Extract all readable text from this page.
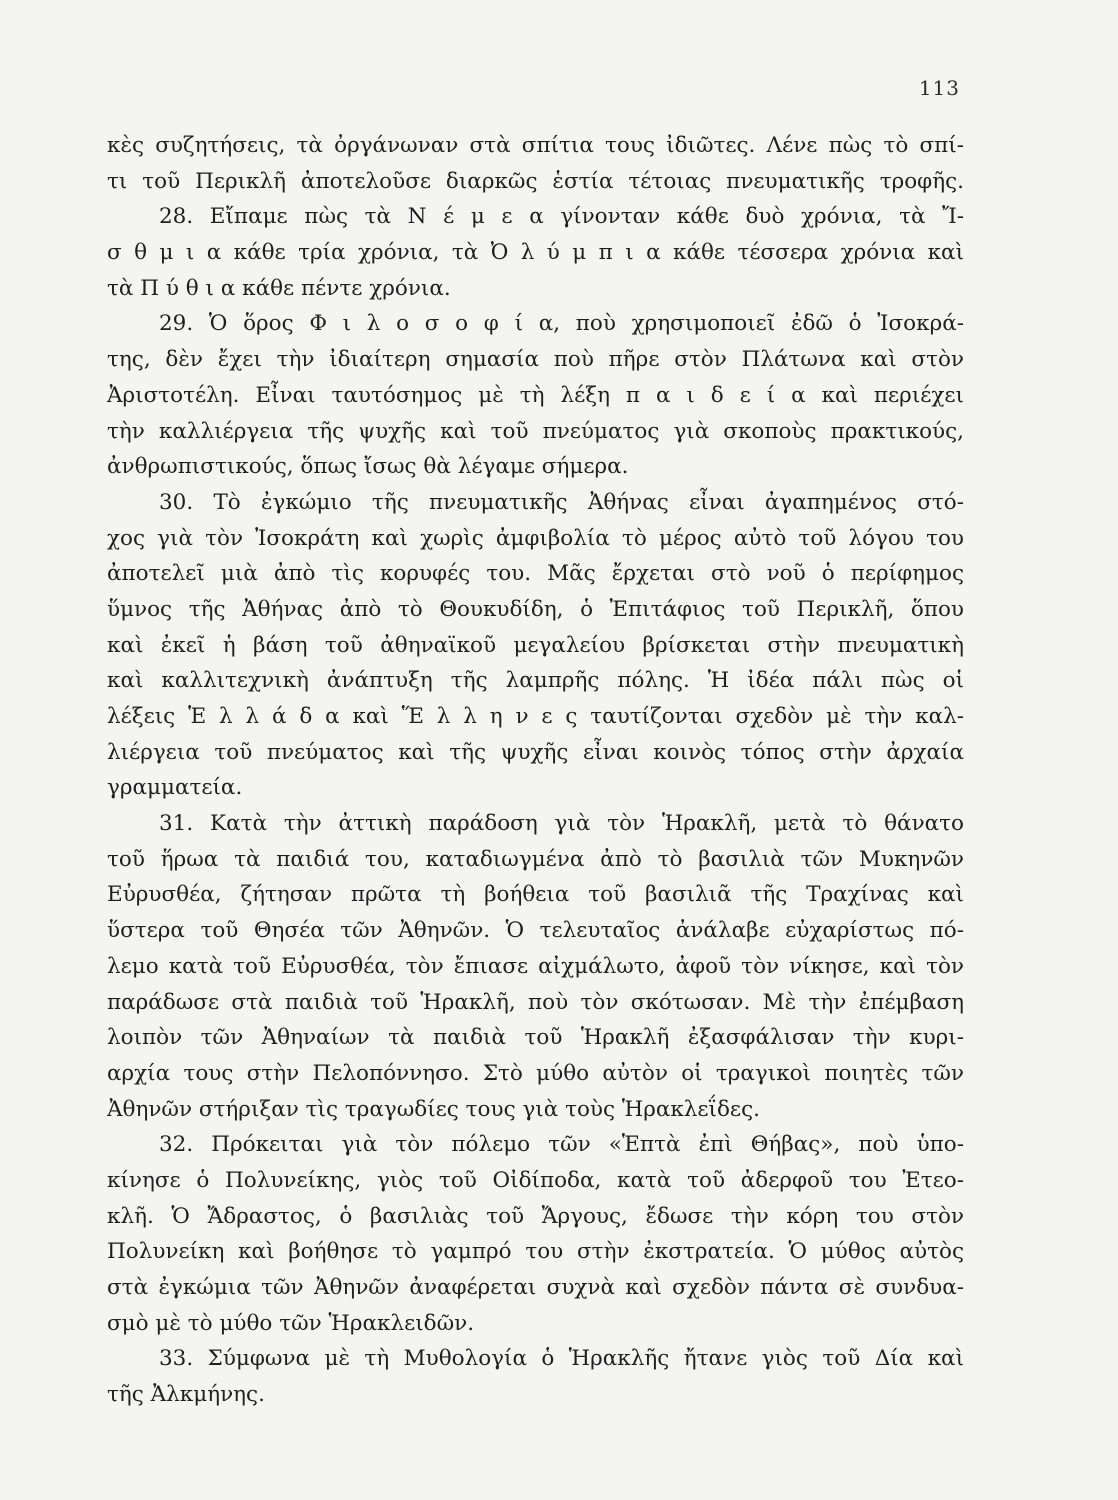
113
κὲς συζητήσεις, τὰ ὀργάνωναν στὰ σπίτια τους ἰδιῶτες. Λένε πὼς τὸ σπί-
τι τοῦ Περικλῆ ἀποτελοῦσε διαρκῶς ἑστία τέτοιας πνευματικῆς τροφῆς.
28. Εἴπαμε πὼς τὰ Ν έ μ ε α γίνονταν κάθε δυὸ χρόνια, τὰ Ἴ-
σ θ μ ι α κάθε τρία χρόνια, τὰ Ὀ λ ύ μ π ι α κάθε τέσσερα χρόνια καὶ
τὰ Π ύ θ ι α κάθε πέντε χρόνια.
29. Ὁ ὅρος Φ ι λ ο σ ο φ ί α, ποὺ χρησιμοποιεῖ ἐδῶ ὁ Ἰσοκρά-
της, δὲν ἔχει τὴν ἰδιαίτερη σημασία ποὺ πῆρε στὸν Πλάτωνα καὶ στὸν
Ἀριστοτέλη. Εἶναι ταυτόσημος μὲ τὴ λέξη π α ι δ ε ί α καὶ περιέχει
τὴν καλλιέργεια τῆς ψυχῆς καὶ τοῦ πνεύματος γιὰ σκοποὺς πρακτικούς,
ἀνθρωπιστικούς, ὅπως ἴσως θὰ λέγαμε σήμερα.
30. Τὸ ἐγκώμιο τῆς πνευματικῆς Ἀθήνας εἶναι ἀγαπημένος στό-
χος γιὰ τὸν Ἰσοκράτη καὶ χωρὶς ἀμφιβολία τὸ μέρος αὐτὸ τοῦ λόγου του
ἀποτελεῖ μιὰ ἀπὸ τὶς κορυφές του. Μᾶς ἔρχεται στὸ νοῦ ὁ περίφημος
ὕμνος τῆς Ἀθήνας ἀπὸ τὸ Θουκυδίδη, ὁ Ἐπιτάφιος τοῦ Περικλῆ, ὅπου
καὶ ἐκεῖ ἡ βάση τοῦ ἀθηναϊκοῦ μεγαλείου βρίσκεται στὴν πνευματικὴ
καὶ καλλιτεχνικὴ ἀνάπτυξη τῆς λαμπρῆς πόλης. Ἡ ἰδέα πάλι πὼς οἱ
λέξεις Ἑ λ λ ά δ α καὶ Ἕ λ λ η ν ε ς ταυτίζονται σχεδὸν μὲ τὴν καλ-
λιέργεια τοῦ πνεύματος καὶ τῆς ψυχῆς εἶναι κοινὸς τόπος στὴν ἀρχαία
γραμματεία.
31. Κατὰ τὴν ἀττικὴ παράδοση γιὰ τὸν Ἡρακλῆ, μετὰ τὸ θάνατο
τοῦ ἥρωα τὰ παιδιά του, καταδιωγμένα ἀπὸ τὸ βασιλιὰ τῶν Μυκηνῶν
Εὐρυσθέα, ζήτησαν πρῶτα τὴ βοήθεια τοῦ βασιλιᾶ τῆς Τραχίνας καὶ
ὕστερα τοῦ Θησέα τῶν Ἀθηνῶν. Ὁ τελευταῖος ἀνάλαβε εὐχαρίστως πό-
λεμο κατὰ τοῦ Εὐρυσθέα, τὸν ἔπιασε αἰχμάλωτο, ἀφοῦ τὸν νίκησε, καὶ τὸν
παράδωσε στὰ παιδιὰ τοῦ Ἡρακλῆ, ποὺ τὸν σκότωσαν. Μὲ τὴν ἐπέμβαση
λοιπὸν τῶν Ἀθηναίων τὰ παιδιὰ τοῦ Ἡρακλῆ ἐξασφάλισαν τὴν κυρι-
αρχία τους στὴν Πελοπόννησο. Στὸ μύθο αὐτὸν οἱ τραγικοὶ ποιητὲς τῶν
Ἀθηνῶν στήριξαν τὶς τραγωδίες τους γιὰ τοὺς Ἡρακλεΐδες.
32. Πρόκειται γιὰ τὸν πόλεμο τῶν «Ἑπτὰ ἐπὶ Θήβας», ποὺ ὑπο-
κίνησε ὁ Πολυνείκης, γιὸς τοῦ Οἰδίποδα, κατὰ τοῦ ἀδερφοῦ του Ἐτεο-
κλῆ. Ὁ Ἄδραστος, ὁ βασιλιὰς τοῦ Ἄργους, ἔδωσε τὴν κόρη του στὸν
Πολυνείκη καὶ βοήθησε τὸ γαμπρό του στὴν ἐκστρατεία. Ὁ μύθος αὐτὸς
στὰ ἐγκώμια τῶν Ἀθηνῶν ἀναφέρεται συχνὰ καὶ σχεδὸν πάντα σὲ συνδυα-
σμὸ μὲ τὸ μύθο τῶν Ἡρακλειδῶν.
33. Σύμφωνα μὲ τὴ Μυθολογία ὁ Ἡρακλῆς ἤτανε γιὸς τοῦ Δία καὶ
τῆς Ἀλκμήνης.
